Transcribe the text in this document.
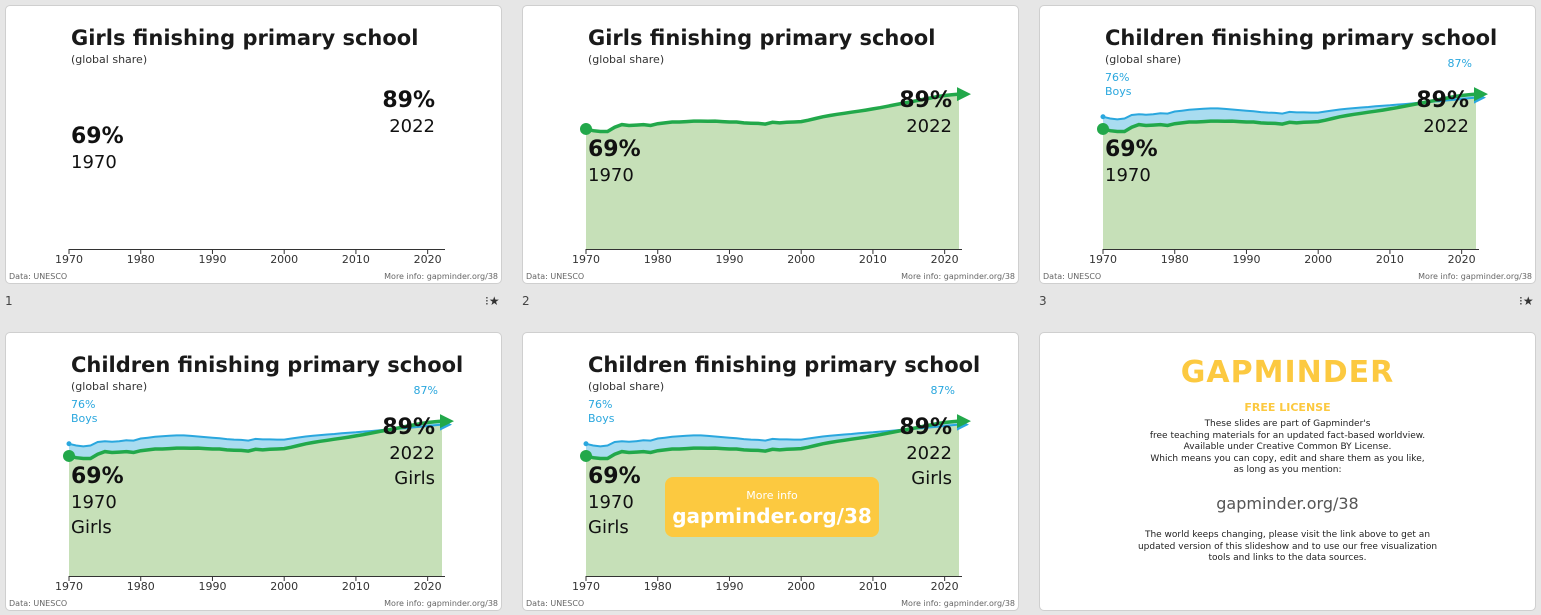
1970	1980	1990	2000	2010	2020
Girls finishing primary school
(global share)
69%
1970
89%
2022
Data: UNESCO	More info: gapminder.org/38
1	⁝★
1970	1980	1990	2000	2010	2020
Girls finishing primary school
(global share)
69%
1970
89%
2022
Data: UNESCO	More info: gapminder.org/38
2
1970	1980	1990	2000	2010	2020
Children finishing primary school
(global share)
69%
1970
89%
2022
76%
Boys
87%
Data: UNESCO	More info: gapminder.org/38
3	⁝★
1970	1980	1990	2000	2010	2020
Children finishing primary school
(global share)
69%
1970
Girls
89%
2022
Girls
76%
Boys
87%
Data: UNESCO	More info: gapminder.org/38
1970	1980	1990	2000	2010	2020
Children finishing primary school
(global share)
69%
1970
Girls
89%
2022
Girls
76%
Boys
87%
More info
gapminder.org/38
Data: UNESCO	More info: gapminder.org/38
GAPMINDER
FREE LICENSE
These slides are part of Gapminder's
free teaching materials for an updated fact-based worldview.
Available under Creative Common BY License.
Which means you can copy, edit and share them as you like,
as long as you mention:
gapminder.org/38
The world keeps changing, please visit the link above to get an
updated version of this slideshow and to use our free visualization
tools and links to the data sources.
